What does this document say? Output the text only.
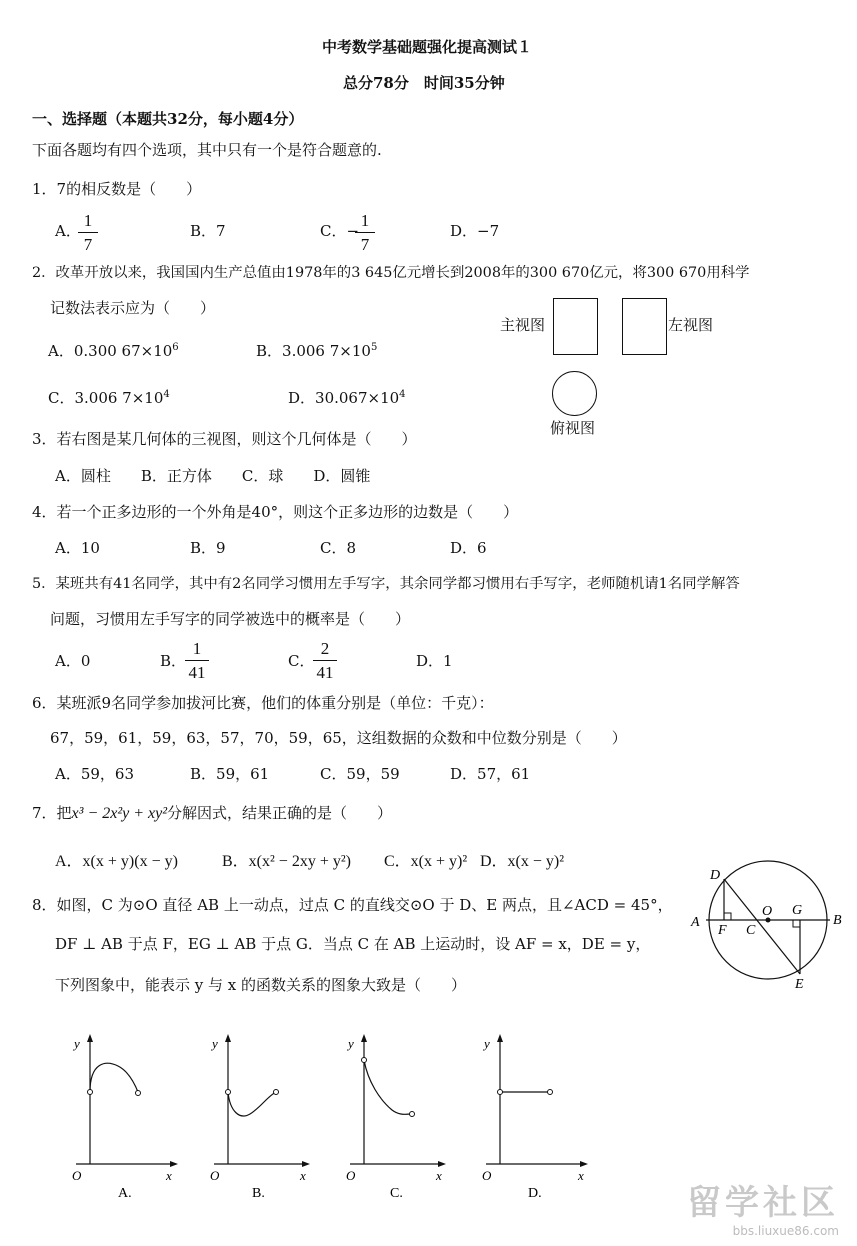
中考数学基础题强化提高测试１
总分78分　时间35分钟
一、选择题（本题共32分，每小题4分）
下面各题均有四个选项，其中只有一个是符合题意的.
1．7的相反数是（　　）
A．
1
7
B．7	C．−
1
7
D．−7
2．改革开放以来，我国国内生产总值由1978年的3 645亿元增长到2008年的300 670亿元，将300 670用科学
记数法表示应为（　　）
A．0.300 $67\times 10^6$	B．3.006 $7\times 10^5$
C．3.006 $7\times 10^4$	D．$30.067\times 10^4$
主视图	左视图
俯视图
3．若右图是某几何体的三视图，则这个几何体是（　　）
A．圆柱　　B．正方体　　C．球　　D．圆锥
4．若一个正多边形的一个外角是40°，则这个正多边形的边数是（　　）
A．10	B．9	C．8	D．6
5．某班共有41名同学，其中有2名同学习惯用左手写字，其余同学都习惯用右手写字，老师随机请1名同学解答
问题，习惯用左手写字的同学被选中的概率是（　　）
A．0	B．
1
41
C．
2
41
D．1
6．某班派9名同学参加拔河比赛，他们的体重分别是（单位：千克）：
67，59，61，59，63，57，70，59，65，这组数据的众数和中位数分别是（　　）
A．59，63	B．59，61	C．59，59	D．57，61
7．把x³ − 2x²y + xy²分解因式，结果正确的是（　　）
A．x(x + y)(x − y)	B．x(x² − 2xy + y²) C．x(x + y)² D．x(x − y)²
A	B
D
E
F C
O G
8．如图，C 为⊙O 直径 AB 上一动点，过点 C 的直线交⊙O 于 D、E 两点，且∠ACD = 45°，
DF ⊥ AB 于点 F，EG ⊥ AB 于点 G．当点 C 在 AB 上运动时，设 AF = x，DE = y，
下列图象中，能表示 y 与 x 的函数关系的图象大致是（　　）
y
O	x
A.
y
O	x
B.
y
O	x
C.
y
O	x
D.	留学社区
bbs.liuxue86.com
